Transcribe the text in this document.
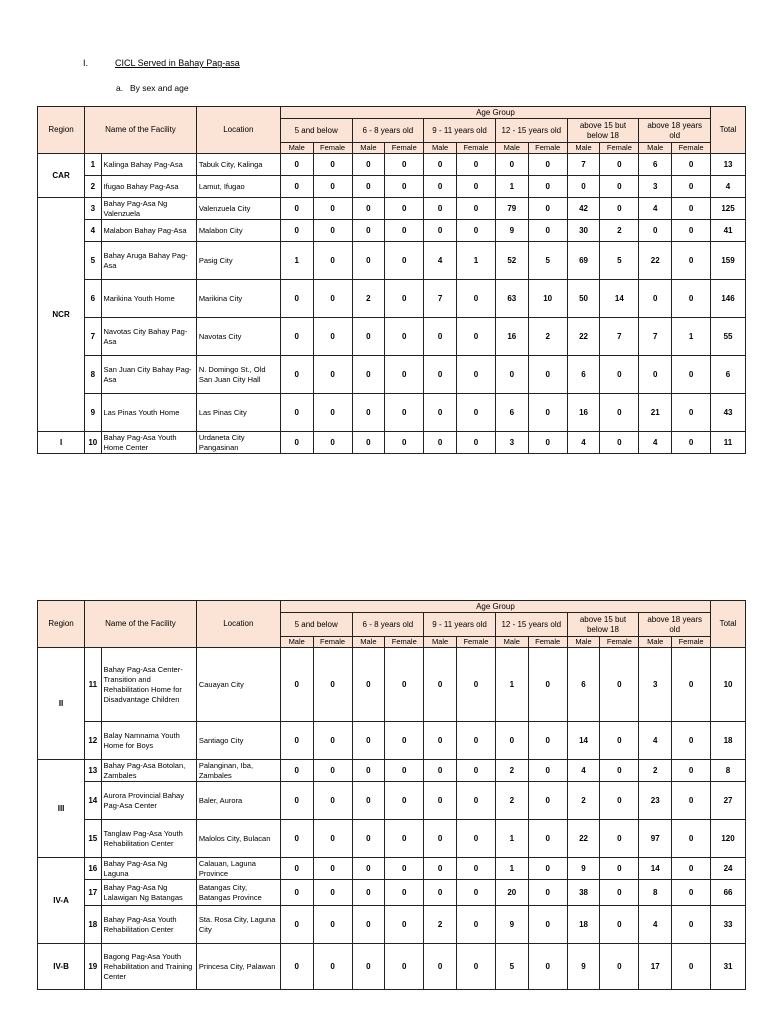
I.	CICL Served in Bahay Pag-asa
a. By sex and age
Region	Name of the Facility		Location	Age Group												Total
				5 and below		6 - 8 years old		9 - 11 years old		12 - 15 years old		above 15 but below 18		above 18 years old		
				Male	Female	Male	Female	Male	Female	Male	Female	Male	Female	Male	Female	
CAR	1	Kalinga Bahay Pag-Asa	Tabuk City, Kalinga	0	0	0	0	0	0	0	0	7	0	6	0	13
	2	Ifugao Bahay Pag-Asa	Lamut, Ifugao	0	0	0	0	0	0	1	0	0	0	3	0	4
NCR	3	Bahay Pag-Asa Ng Valenzuela	Valenzuela City	0	0	0	0	0	0	79	0	42	0	4	0	125
	4	Malabon Bahay Pag-Asa	Malabon City	0	0	0	0	0	0	9	0	30	2	0	0	41
	5	Bahay Aruga Bahay Pag-Asa	Pasig City	1	0	0	0	4	1	52	5	69	5	22	0	159
	6	Marikina Youth Home	Marikina City	0	0	2	0	7	0	63	10	50	14	0	0	146
	7	Navotas City Bahay Pag-Asa	Navotas City	0	0	0	0	0	0	16	2	22	7	7	1	55
	8	San Juan City Bahay Pag-Asa	N. Domingo St., Old San Juan City Hall	0	0	0	0	0	0	0	0	6	0	0	0	6
	9	Las Pinas Youth Home	Las Pinas City	0	0	0	0	0	0	6	0	16	0	21	0	43
I	10	Bahay Pag-Asa Youth Home Center	Urdaneta City Pangasinan	0	0	0	0	0	0	3	0	4	0	4	0	11
Region	Name of the Facility		Location	Age Group												Total
				5 and below		6 - 8 years old		9 - 11 years old		12 - 15 years old		above 15 but below 18		above 18 years old		
				Male	Female	Male	Female	Male	Female	Male	Female	Male	Female	Male	Female	
II	11	Bahay Pag-Asa Center-Transition and Rehabilitation Home for Disadvantage Children	Cauayan City	0	0	0	0	0	0	1	0	6	0	3	0	10
	12	Balay Namnama Youth Home for Boys	Santiago City	0	0	0	0	0	0	0	0	14	0	4	0	18
III	13	Bahay Pag-Asa Botolan, Zambales	Palanginan, Iba, Zambales	0	0	0	0	0	0	2	0	4	0	2	0	8
	14	Aurora Provincial Bahay Pag-Asa Center	Baler, Aurora	0	0	0	0	0	0	2	0	2	0	23	0	27
	15	Tanglaw Pag-Asa Youth Rehabilitation Center	Malolos City, Bulacan	0	0	0	0	0	0	1	0	22	0	97	0	120
IV-A	16	Bahay Pag-Asa Ng Laguna	Calauan, Laguna Province	0	0	0	0	0	0	1	0	9	0	14	0	24
	17	Bahay Pag-Asa Ng Lalawigan Ng Batangas	Batangas City, Batangas Province	0	0	0	0	0	0	20	0	38	0	8	0	66
	18	Bahay Pag-Asa Youth Rehabilitation Center	Sta. Rosa City, Laguna City	0	0	0	0	2	0	9	0	18	0	4	0	33
IV-B	19	Bagong Pag-Asa Youth Rehabilitation and Training Center	Princesa City, Palawan	0	0	0	0	0	0	5	0	9	0	17	0	31
